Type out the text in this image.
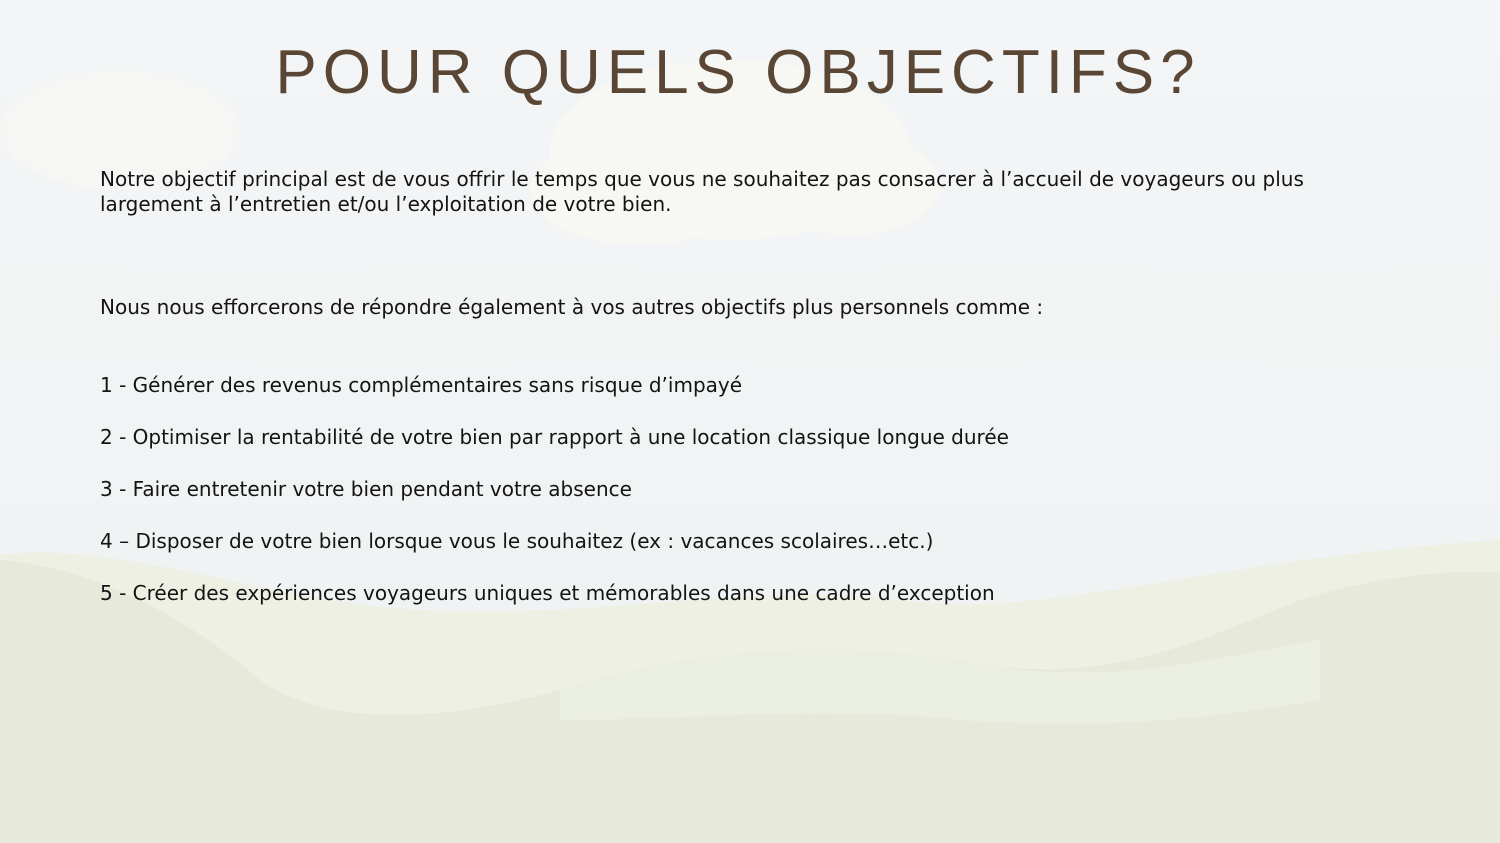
POUR QUELS OBJECTIFS?

Notre objectif principal est de vous offrir le temps que vous ne souhaitez pas consacrer à l’accueil de voyageurs ou plus largement à l’entretien et/ou l’exploitation de votre bien.

Nous nous efforcerons de répondre également à vos autres objectifs plus personnels comme :

1 - Générer des revenus complémentaires sans risque d’impayé
2 - Optimiser la rentabilité de votre bien par rapport à une location classique longue durée
3 - Faire entretenir votre bien pendant votre absence
4 – Disposer de votre bien lorsque vous le souhaitez (ex : vacances scolaires…etc.)
5 - Créer des expériences voyageurs uniques et mémorables dans une cadre d’exception
